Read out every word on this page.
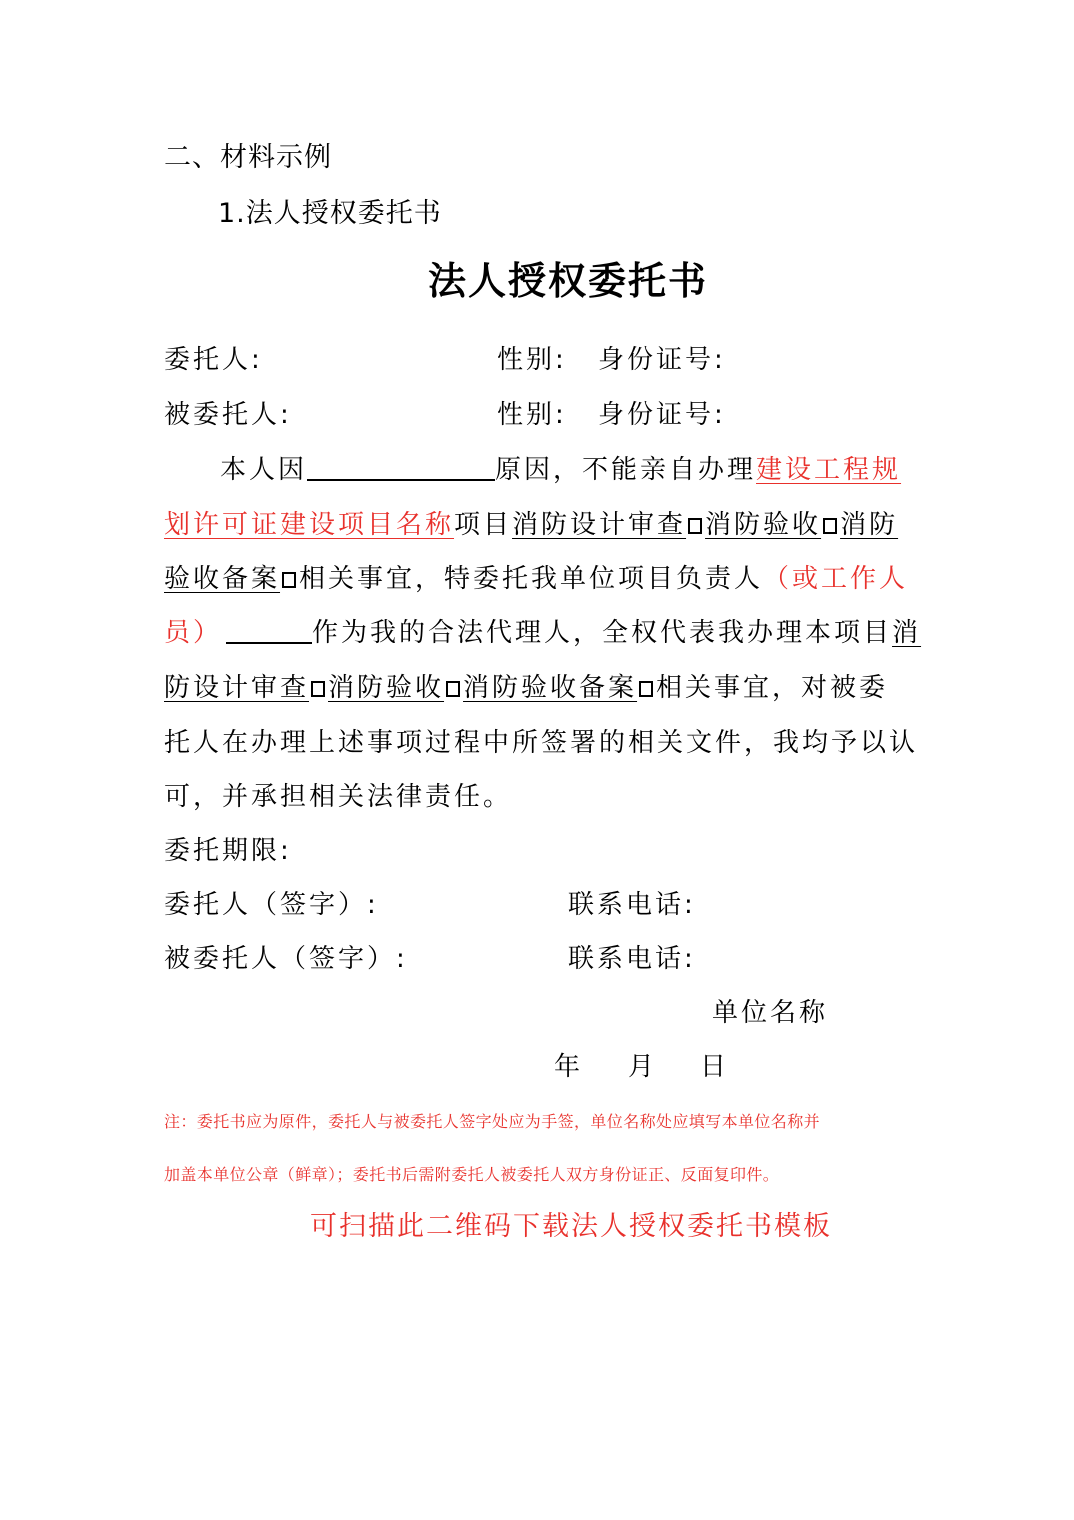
二、材料示例
1.法人授权委托书
法人授权委托书
委托人:	性别: 身份证号:
被委托人:	性别: 身份证号:
本人因	原因，不能亲自办理建设工程规
划许可证建设项目名称项目消防设计审查 消防验收 消防
验收备案 相关事宜，特委托我单位项目负责人（或工作人
员）	作为我的合法代理人，全权代表我办理本项目消
防设计审查 消防验收 消防验收备案 相关事宜，对被委
托人在办理上述事项过程中所签署的相关文件，我均予以认
可，并承担相关法律责任。
委托期限:
委托人（签字）:	联系电话:
被委托人（签字）:	联系电话:
单位名称
年 月 日
注：委托书应为原件，委托人与被委托人签字处应为手签，单位名称处应填写本单位名称并
加盖本单位公章（鲜章）；委托书后需附委托人被委托人双方身份证正、反面复印件。
可扫描此二维码下载法人授权委托书模板
